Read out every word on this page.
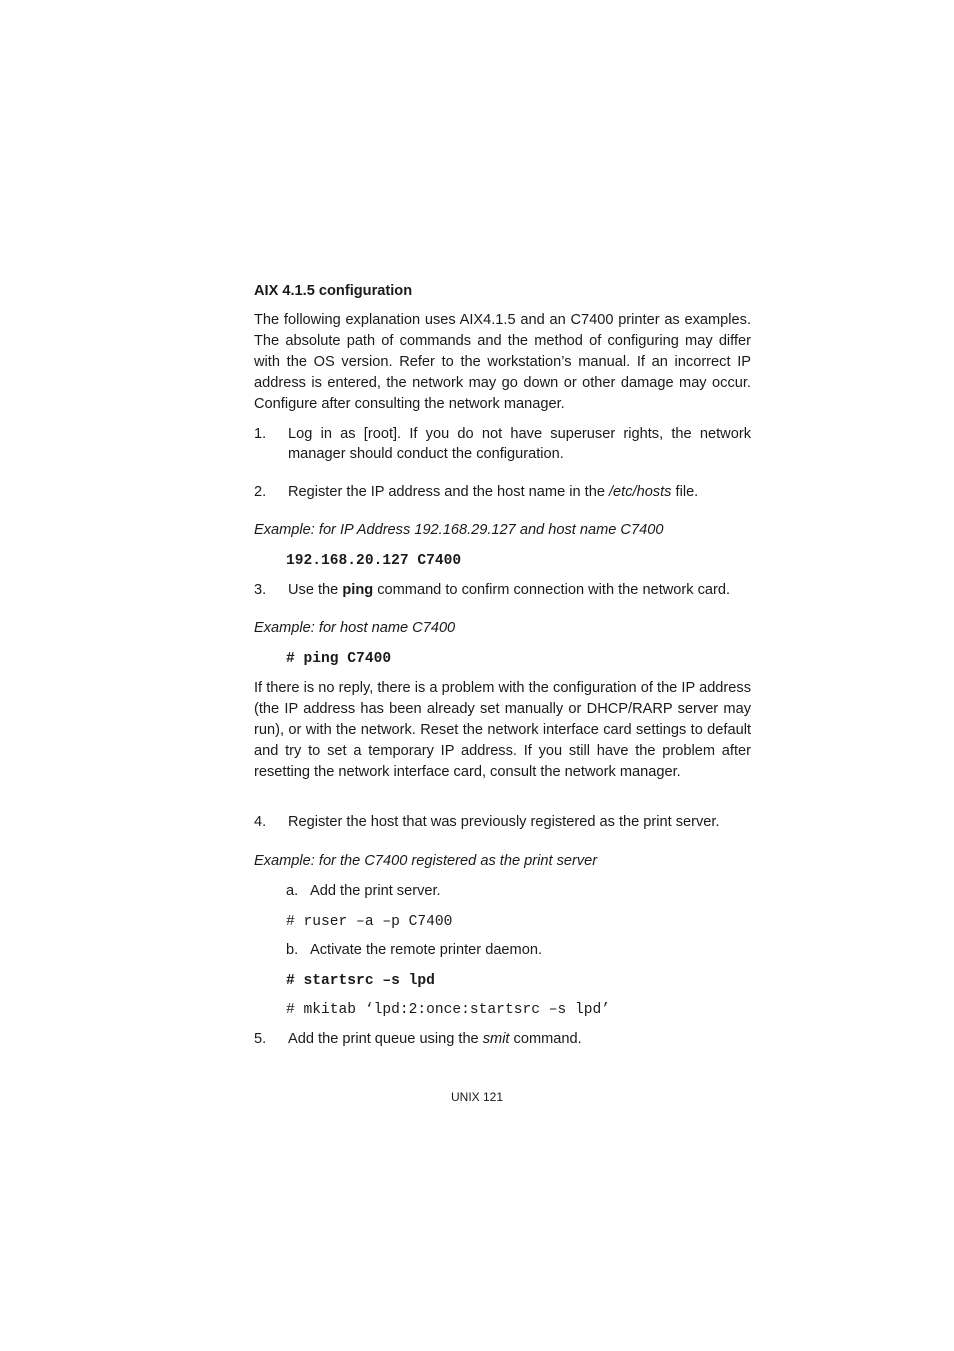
AIX 4.1.5 configuration
The following explanation uses AIX4.1.5 and an C7400 printer as examples. The absolute path of commands and the method of configuring may differ with the OS version. Refer to the workstation’s manual. If an incorrect IP address is entered, the network may go down or other damage may occur. Configure after consulting the network manager.
1. Log in as [root]. If you do not have superuser rights, the network manager should conduct the configuration.
2. Register the IP address and the host name in the /etc/hosts file.
Example: for IP Address 192.168.29.127 and host name C7400
192.168.20.127 C7400
3. Use the ping command to confirm connection with the network card.
Example: for host name C7400
# ping C7400
If there is no reply, there is a problem with the configuration of the IP address (the IP address has been already set manually or DHCP/RARP server may run), or with the network. Reset the network interface card settings to default and try to set a temporary IP address. If you still have the problem after resetting the network interface card, consult the network manager.
4. Register the host that was previously registered as the print server.
Example: for the C7400 registered as the print server
a. Add the print server.
# ruser –a –p C7400
b. Activate the remote printer daemon.
# startsrc –s lpd
# mkitab ‘lpd:2:once:startsrc –s lpd’
5. Add the print queue using the smit command.
UNIX 121
